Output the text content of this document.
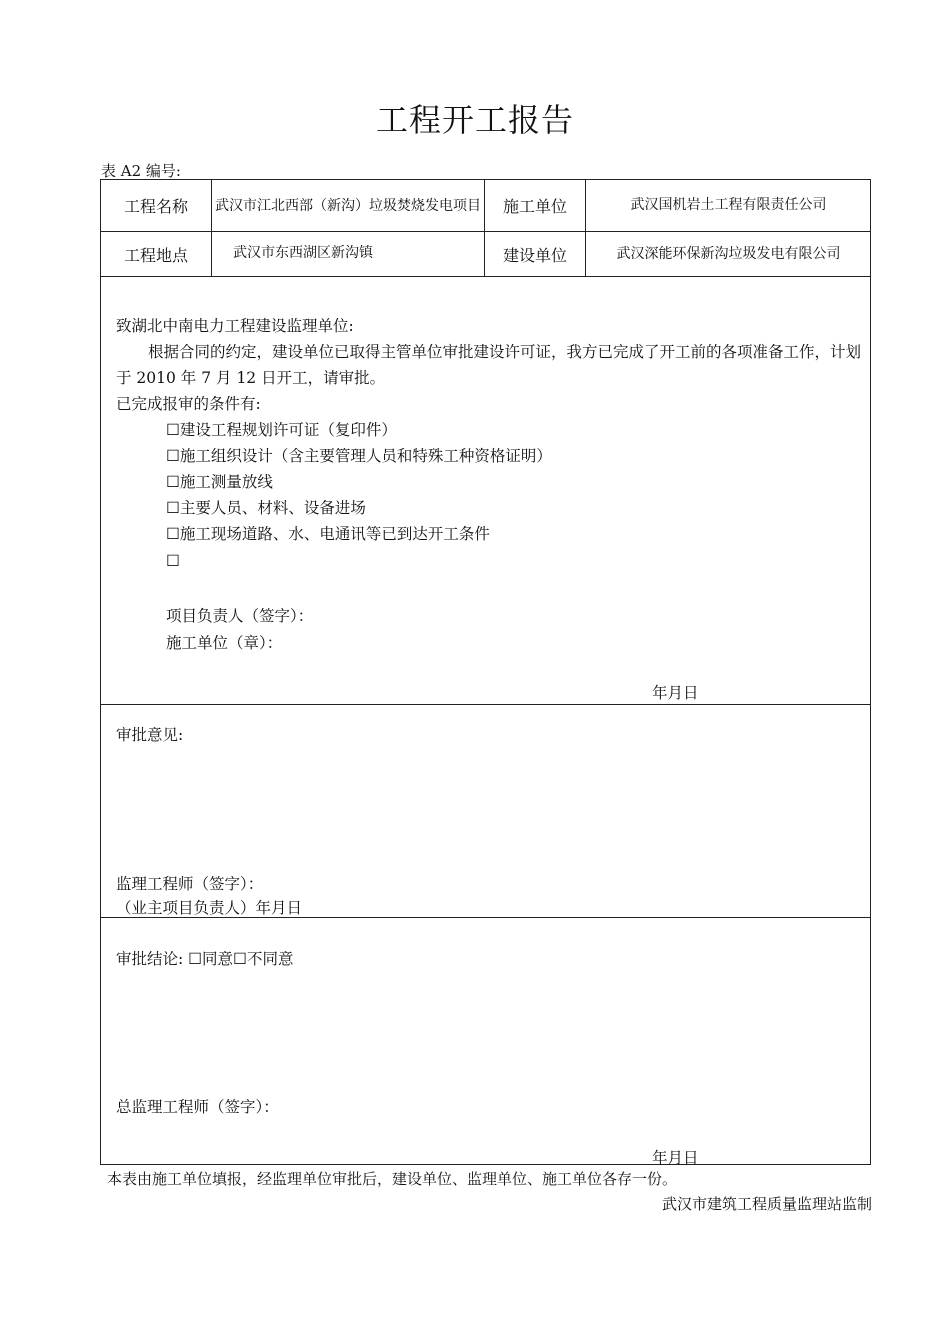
工程开工报告
表 A2 编号:
工程名称	武汉市江北西部（新沟）垃圾焚烧发电项目	施工单位	武汉国机岩土工程有限责任公司
工程地点	武汉市东西湖区新沟镇	建设单位	武汉深能环保新沟垃圾发电有限公司
致湖北中南电力工程建设监理单位:
根据合同的约定，建设单位已取得主管单位审批建设许可证，我方已完成了开工前的各项准备工作，计划于 2010 年 7 月 12 日开工，请审批。
已完成报审的条件有:
☐建设工程规划许可证（复印件）
☐施工组织设计（含主要管理人员和特殊工种资格证明）
☐施工测量放线
☐主要人员、材料、设备进场
☐施工现场道路、水、电通讯等已到达开工条件
☐
项目负责人（签字）：
施工单位（章）：
年月日
审批意见:
监理工程师（签字）：
（业主项目负责人）年月日
审批结论: ☐同意☐不同意
总监理工程师（签字）：
年月日
本表由施工单位填报，经监理单位审批后，建设单位、监理单位、施工单位各存一份。
武汉市建筑工程质量监理站监制
